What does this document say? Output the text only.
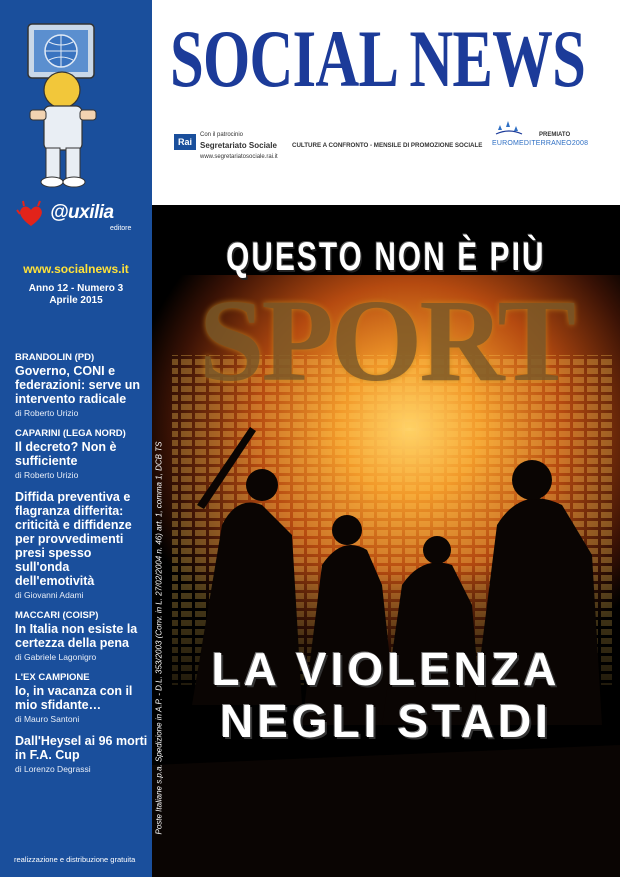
@uxilia
editore
www.socialnews.it
Anno 12 - Numero 3
Aprile 2015
BRANDOLIN (PD)
Governo, CONI e federazioni: serve un intervento radicale
di Roberto Urizio
CAPARINI (LEGA NORD)
Il decreto? Non è sufficiente
di Roberto Urizio
Diffida preventiva e flagranza differita: criticità e diffidenze per provvedimenti presi spesso sull'onda dell'emotività
di Giovanni Adami
MACCARI (COISP)
In Italia non esiste la certezza della pena
di Gabriele Lagonigro
L'EX CAMPIONE
Io, in vacanza con il mio sfidante…
di Mauro Santoni
Dall'Heysel ai 96 morti in F.A. Cup
di Lorenzo Degrassi
realizzazione e distribuzione gratuita
SOCIAL NEWS
Rai
Con il patrocinio
Segretariato Sociale CULTURE A CONFRONTO - MENSILE DI PROMOZIONE SOCIALE
www.segretariatosociale.rai.it
PREMIATO
EUROMEDITERRANEO2008
QUESTO NON È PIÙ
SPORT
LA VIOLENZA
NEGLI STADI
Poste Italiane s.p.a. Spedizione in A.P. - D.L. 353/2003 (Conv. in L. 27/02/2004 n. 46) art. 1, comma 1, DCB TS
